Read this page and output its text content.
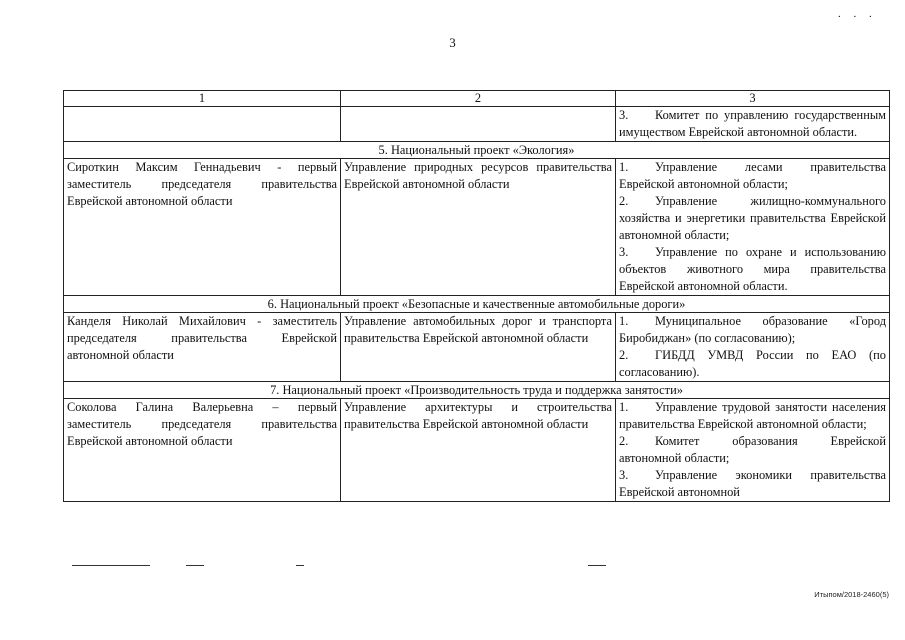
3
. . .
1	2	3

		3. Комитет по управлению государственным имуществом Еврейской автономной области.

5. Национальный проект «Экология»		
Сироткин Максим Геннадьевич - первый заместитель председателя правительства Еврейской автономной области	Управление природных ресурсов правительства Еврейской автономной области	1. Управление лесами правительства Еврейской автономной области;
2. Управление жилищно-коммунального хозяйства и энергетики правительства Еврейской автономной области;
3. Управление по охране и использованию объектов животного мира правительства Еврейской автономной области.

6. Национальный проект «Безопасные и качественные автомобильные дороги»		
Канделя Николай Михайлович - заместитель председателя правительства Еврейской автономной области	Управление автомобильных дорог и транспорта правительства Еврейской автономной области	1. Муниципальное образование «Город Биробиджан» (по согласованию);
2. ГИБДД УМВД России по ЕАО (по согласованию).

7. Национальный проект «Производительность труда и поддержка занятости»		
Соколова Галина Валерьевна – первый заместитель председателя правительства Еврейской автономной области	Управление архитектуры и строительства правительства Еврейской автономной области	1. Управление трудовой занятости населения правительства Еврейской автономной области;
2. Комитет образования Еврейской автономной области;
3. Управление экономики правительства Еврейской автономной
Итыпом/2018-2460(5)
